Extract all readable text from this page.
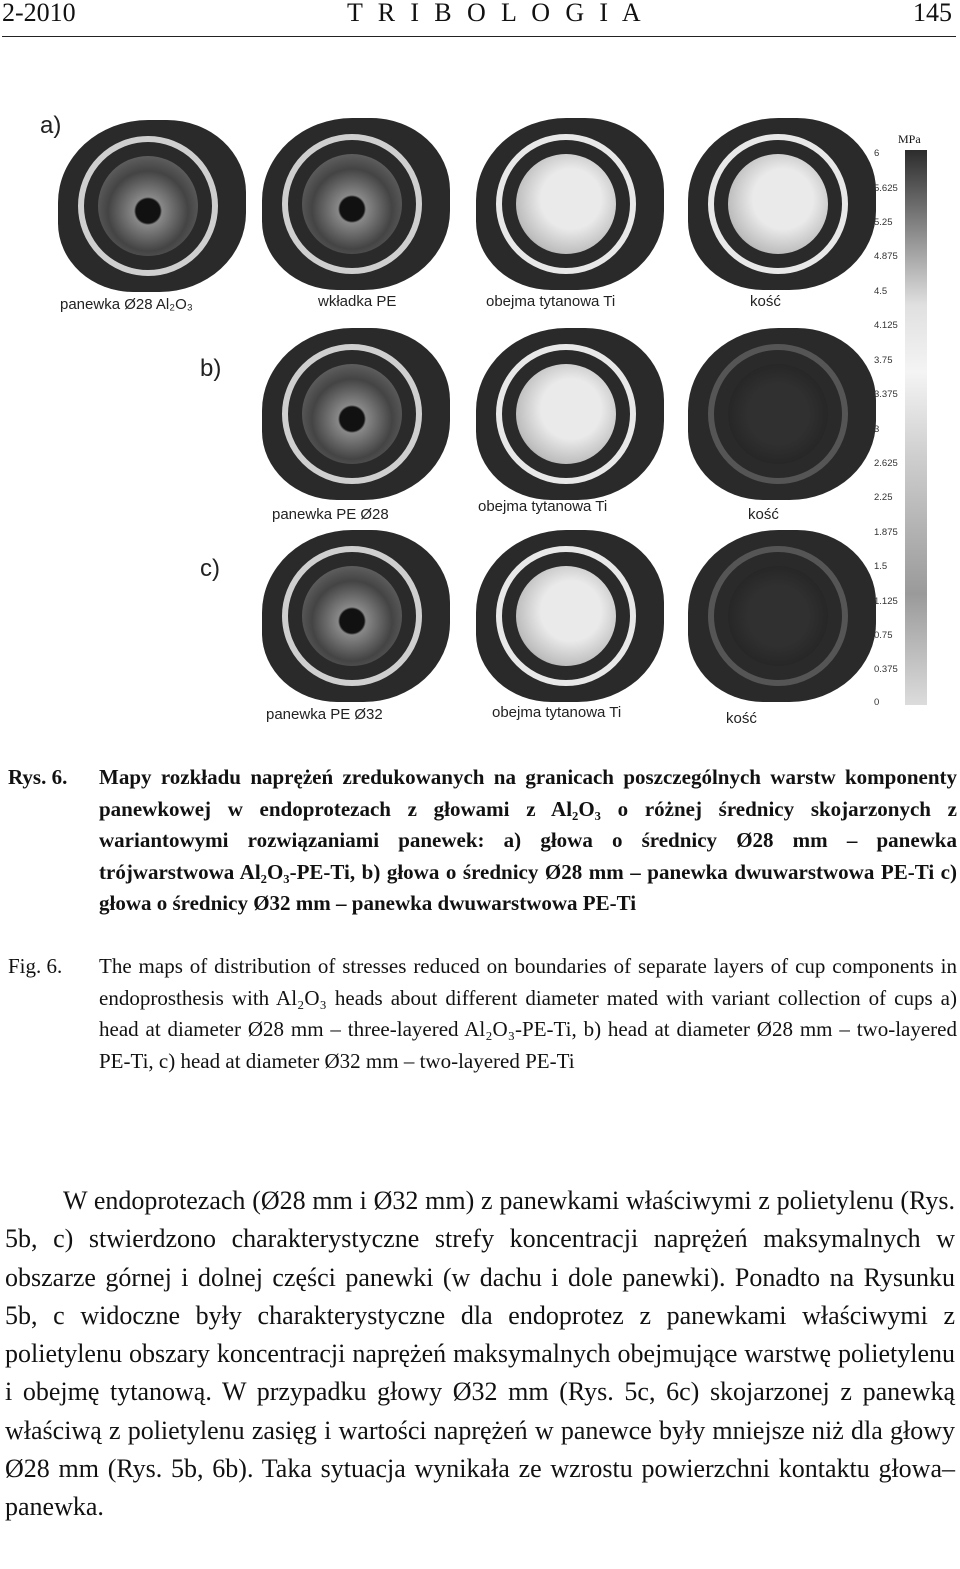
2-2010	T R I B O L O G I A	145
a)
panewka Ø28 Al₂O₃	wkładka PE	obejma tytanowa Ti	kość
b)
panewka PE Ø28	obejma tytanowa Ti	kość
c)
panewka PE Ø32	obejma tytanowa Ti	kość
MPa
6
5.625
5.25
4.875
4.5
4.125
3.75
3.375
3
2.625
2.25
1.875
1.5
1.125
0.75
0.375
0
Rys. 6. Mapy rozkładu naprężeń zredukowanych na granicach poszczególnych warstw komponenty panewkowej w endoprotezach z głowami z Al₂O₃ o różnej średnicy skojarzonych z wariantowymi rozwiązaniami panewek: a) głowa o średnicy Ø28 mm – panewka trójwarstwowa Al₂O₃-PE-Ti, b) głowa o średnicy Ø28 mm – panewka dwuwarstwowa PE-Ti c) głowa o średnicy Ø32 mm – panewka dwuwarstwowa PE-Ti
Fig. 6. The maps of distribution of stresses reduced on boundaries of separate layers of cup components in endoprosthesis with Al₂O₃ heads about different diameter mated with variant collection of cups a) head at diameter Ø28 mm – three-layered Al₂O₃-PE-Ti, b) head at diameter Ø28 mm – two-layered PE-Ti, c) head at diameter Ø32 mm – two-layered PE-Ti

W endoprotezach (Ø28 mm i Ø32 mm) z panewkami właściwymi z polietylenu (Rys. 5b, c) stwierdzono charakterystyczne strefy koncentracji naprężeń maksymalnych w obszarze górnej i dolnej części panewki (w dachu i dole panewki). Ponadto na Rysunku 5b, c widoczne były charakterystyczne dla endoprotez z panewkami właściwymi z polietylenu obszary koncentracji naprężeń maksymalnych obejmujące warstwę polietylenu i obejmę tytanową. W przypadku głowy Ø32 mm (Rys. 5c, 6c) skojarzonej z panewką właściwą z polietylenu zasięg i wartości naprężeń w panewce były mniejsze niż dla głowy Ø28 mm (Rys. 5b, 6b). Taka sytuacja wynikała ze wzrostu powierzchni kontaktu głowa–panewka.
